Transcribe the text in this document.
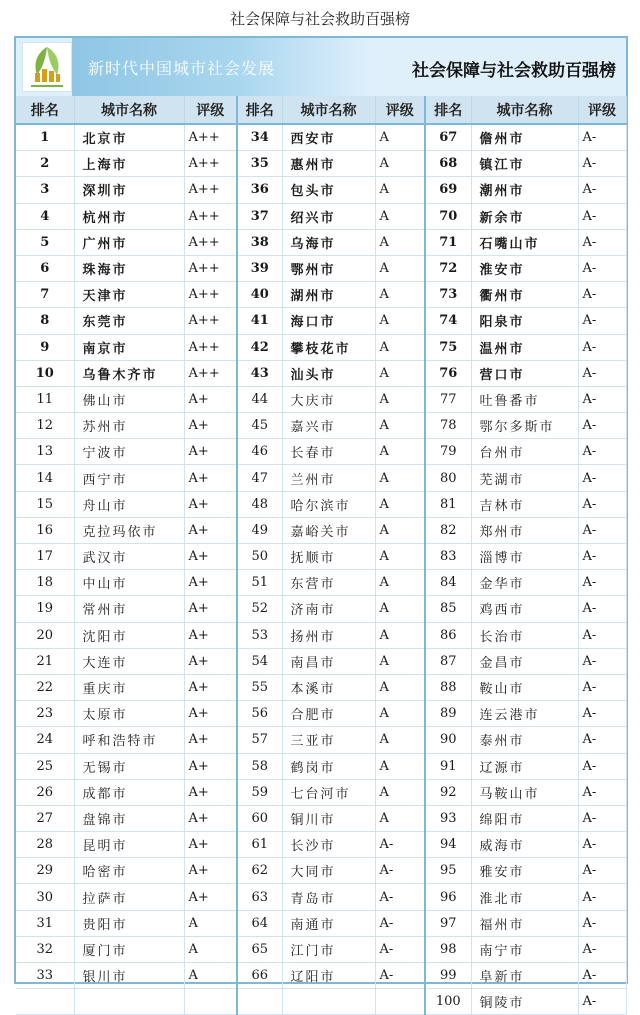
社会保障与社会救助百强榜
新时代中国城市社会发展	社会保障与社会救助百强榜
排名	城市名称	评级	排名	城市名称	评级	排名	城市名称	评级
1	北京市	A++	34	西安市	A	67	儋州市	A-
2	上海市	A++	35	惠州市	A	68	镇江市	A-
3	深圳市	A++	36	包头市	A	69	潮州市	A-
4	杭州市	A++	37	绍兴市	A	70	新余市	A-
5	广州市	A++	38	乌海市	A	71	石嘴山市	A-
6	珠海市	A++	39	鄂州市	A	72	淮安市	A-
7	天津市	A++	40	湖州市	A	73	衢州市	A-
8	东莞市	A++	41	海口市	A	74	阳泉市	A-
9	南京市	A++	42	攀枝花市	A	75	温州市	A-
10	乌鲁木齐市	A++	43	汕头市	A	76	营口市	A-
11	佛山市	A+	44	大庆市	A	77	吐鲁番市	A-
12	苏州市	A+	45	嘉兴市	A	78	鄂尔多斯市	A-
13	宁波市	A+	46	长春市	A	79	台州市	A-
14	西宁市	A+	47	兰州市	A	80	芜湖市	A-
15	舟山市	A+	48	哈尔滨市	A	81	吉林市	A-
16	克拉玛依市	A+	49	嘉峪关市	A	82	郑州市	A-
17	武汉市	A+	50	抚顺市	A	83	淄博市	A-
18	中山市	A+	51	东营市	A	84	金华市	A-
19	常州市	A+	52	济南市	A	85	鸡西市	A-
20	沈阳市	A+	53	扬州市	A	86	长治市	A-
21	大连市	A+	54	南昌市	A	87	金昌市	A-
22	重庆市	A+	55	本溪市	A	88	鞍山市	A-
23	太原市	A+	56	合肥市	A	89	连云港市	A-
24	呼和浩特市	A+	57	三亚市	A	90	泰州市	A-
25	无锡市	A+	58	鹤岗市	A	91	辽源市	A-
26	成都市	A+	59	七台河市	A	92	马鞍山市	A-
27	盘锦市	A+	60	铜川市	A	93	绵阳市	A-
28	昆明市	A+	61	长沙市	A-	94	威海市	A-
29	哈密市	A+	62	大同市	A-	95	雅安市	A-
30	拉萨市	A+	63	青岛市	A-	96	淮北市	A-
31	贵阳市	A	64	南通市	A-	97	福州市	A-
32	厦门市	A	65	江门市	A-	98	南宁市	A-
33	银川市	A	66	辽阳市	A-	99	阜新市	A-
						100	铜陵市	A-
